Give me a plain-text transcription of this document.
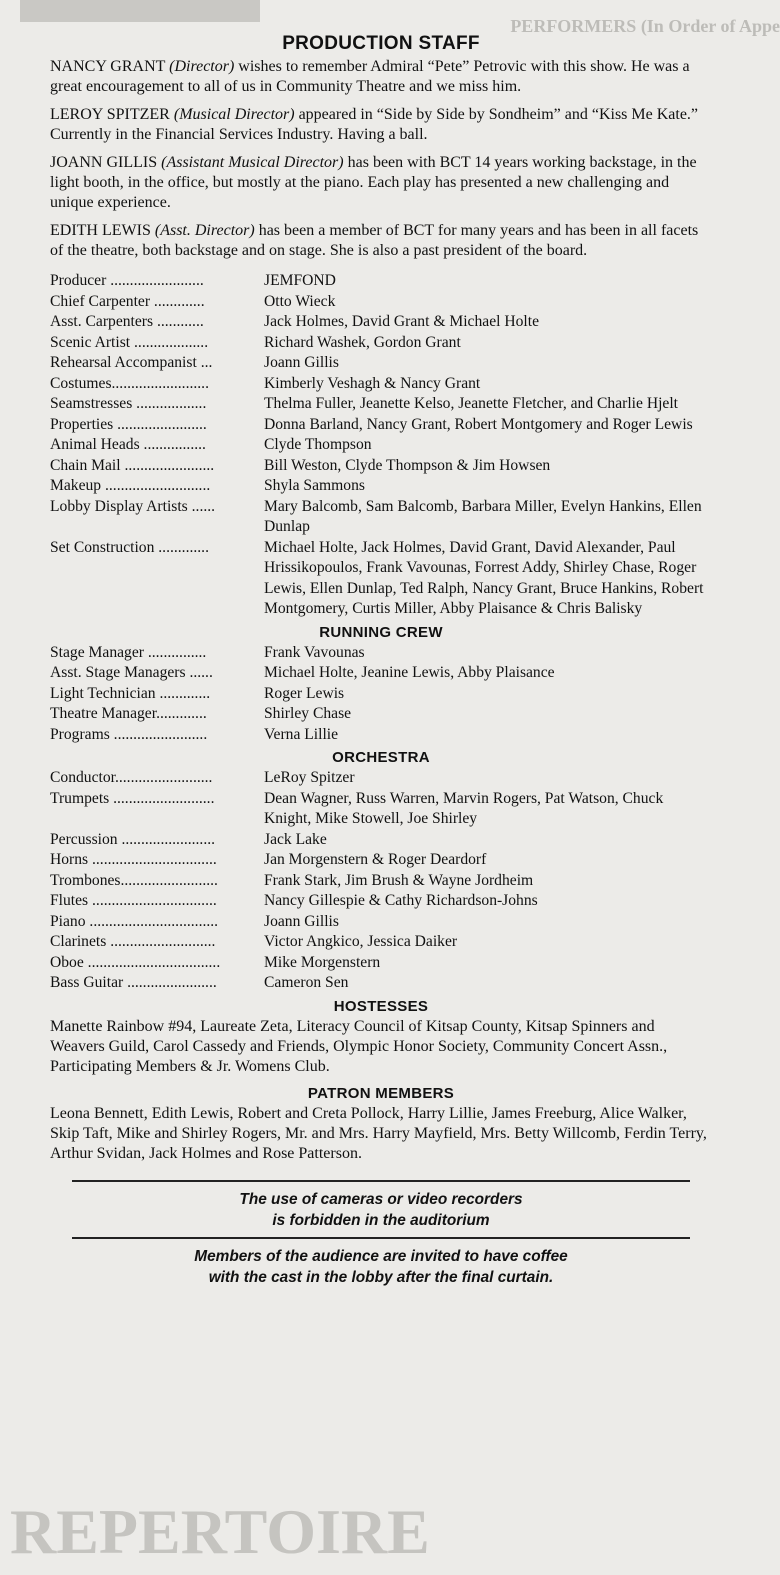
PERFORMERS (In Order of Appe
REPERTOIRE
PRODUCTION STAFF

NANCY GRANT (Director) wishes to remember Admiral “Pete” Petrovic with this show. He was a great encouragement to all of us in Community Theatre and we miss him.

LEROY SPITZER (Musical Director) appeared in “Side by Side by Sondheim” and “Kiss Me Kate.” Currently in the Financial Services Industry. Having a ball.

JOANN GILLIS (Assistant Musical Director) has been with BCT 14 years working backstage, in the light booth, in the office, but mostly at the piano. Each play has presented a new challenging and unique experience.

EDITH LEWIS (Asst. Director) has been a member of BCT for many years and has been in all facets of the theatre, both backstage and on stage. She is also a past president of the board.

Producer ........................	JEMFOND
Chief Carpenter .............	Otto Wieck
Asst. Carpenters ............	Jack Holmes, David Grant & Michael Holte
Scenic Artist ...................	Richard Washek, Gordon Grant
Rehearsal Accompanist ...	Joann Gillis
Costumes.........................	Kimberly Veshagh & Nancy Grant
Seamstresses ..................	Thelma Fuller, Jeanette Kelso, Jeanette Fletcher, and Charlie Hjelt
Properties .......................	Donna Barland, Nancy Grant, Robert Montgomery and Roger Lewis
Animal Heads ................	Clyde Thompson
Chain Mail .......................	Bill Weston, Clyde Thompson & Jim Howsen
Makeup ...........................	Shyla Sammons
Lobby Display Artists ......	Mary Balcomb, Sam Balcomb, Barbara Miller, Evelyn Hankins, Ellen Dunlap
Set Construction .............	Michael Holte, Jack Holmes, David Grant, David Alexander, Paul Hrissikopoulos, Frank Vavounas, Forrest Addy, Shirley Chase, Roger Lewis, Ellen Dunlap, Ted Ralph, Nancy Grant, Bruce Hankins, Robert Montgomery, Curtis Miller, Abby Plaisance & Chris Balisky
RUNNING CREW
Stage Manager ...............	Frank Vavounas
Asst. Stage Managers ......	Michael Holte, Jeanine Lewis, Abby Plaisance
Light Technician .............	Roger Lewis
Theatre Manager.............	Shirley Chase
Programs ........................	Verna Lillie
ORCHESTRA
Conductor.........................	LeRoy Spitzer
Trumpets ..........................	Dean Wagner, Russ Warren, Marvin Rogers, Pat Watson, Chuck Knight, Mike Stowell, Joe Shirley
Percussion ........................	Jack Lake
Horns ................................	Jan Morgenstern & Roger Deardorf
Trombones.........................	Frank Stark, Jim Brush & Wayne Jordheim
Flutes ................................	Nancy Gillespie & Cathy Richardson-Johns
Piano .................................	Joann Gillis
Clarinets ...........................	Victor Angkico, Jessica Daiker
Oboe ..................................	Mike Morgenstern
Bass Guitar .......................	Cameron Sen
HOSTESSES

Manette Rainbow #94, Laureate Zeta, Literacy Council of Kitsap County, Kitsap Spinners and Weavers Guild, Carol Cassedy and Friends, Olympic Honor Society, Community Concert Assn., Participating Members & Jr. Womens Club.

PATRON MEMBERS

Leona Bennett, Edith Lewis, Robert and Creta Pollock, Harry Lillie, James Freeburg, Alice Walker, Skip Taft, Mike and Shirley Rogers, Mr. and Mrs. Harry Mayfield, Mrs. Betty Willcomb, Ferdin Terry, Arthur Svidan, Jack Holmes and Rose Patterson.

The use of cameras or video recorders
is forbidden in the auditorium

Members of the audience are invited to have coffee
with the cast in the lobby after the final curtain.
